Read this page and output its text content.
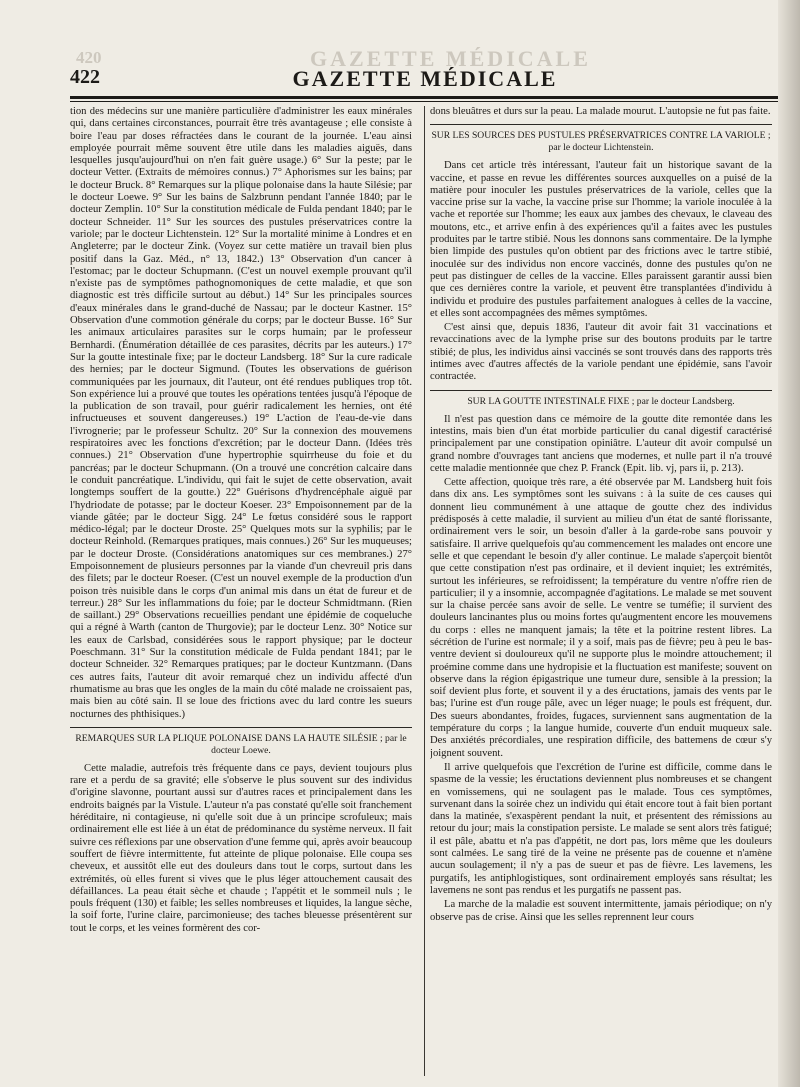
420	GAZETTE MÉDICALE
GAZETTE MÉDICALE
422

tion des médecins sur une manière particulière d'administrer les eaux minérales qui, dans certaines circonstances, pourrait être très avantageuse ; elle consiste à boire l'eau par doses réfractées dans le courant de la journée. L'eau ainsi employée pourrait même souvent être utile dans les maladies aiguës, dans lesquelles jusqu'aujourd'hui on n'en fait guère usage.) 6° Sur la peste; par le docteur Vetter. (Extraits de mémoires connus.) 7° Aphorismes sur les bains; par le docteur Bruck. 8° Remarques sur la plique polonaise dans la haute Silésie; par le docteur Loewe. 9° Sur les bains de Salzbrunn pendant l'année 1840; par le docteur Zemplin. 10° Sur la constitution médicale de Fulda pendant 1840; par le docteur Schneider. 11° Sur les sources des pustules préservatrices contre la variole; par le docteur Lichtenstein. 12° Sur la mortalité minime à Londres et en Angleterre; par le docteur Zink. (Voyez sur cette matière un travail bien plus positif dans la Gaz. Méd., n° 13, 1842.) 13° Observation d'un cancer à l'estomac; par le docteur Schupmann. (C'est un nouvel exemple prouvant qu'il n'existe pas de symptômes pathognomoniques de cette maladie, et que son diagnostic est très difficile surtout au début.) 14° Sur les principales sources d'eaux minérales dans le grand-duché de Nassau; par le docteur Kastner. 15° Observation d'une commotion générale du corps; par le docteur Busse. 16° Sur les animaux articulaires parasites sur le corps humain; par le professeur Bernhardi. (Énumération détaillée de ces parasites, décrits par les auteurs.) 17° Sur la goutte intestinale fixe; par le docteur Landsberg. 18° Sur la cure radicale des hernies; par le docteur Sigmund. (Toutes les observations de guérison communiquées par les journaux, dit l'auteur, ont été rendues publiques trop tôt. Son expérience lui a prouvé que toutes les opérations tentées jusqu'à l'époque de la publication de son travail, pour guérir radicalement les hernies, ont été infructueuses et souvent dangereuses.) 19° L'action de l'eau-de-vie dans l'ivrognerie; par le professeur Schultz. 20° Sur la connexion des mouvemens respiratoires avec les fonctions d'excrétion; par le docteur Dann. (Idées très connues.) 21° Observation d'une hypertrophie squirrheuse du foie et du pancréas; par le docteur Schupmann. (On a trouvé une concrétion calcaire dans le conduit pancréatique. L'individu, qui fait le sujet de cette observation, avait longtemps souffert de la goutte.) 22° Guérisons d'hydrencéphale aiguë par l'hydriodate de potasse; par le docteur Koeser. 23° Empoisonnement par de la viande gâtée; par le docteur Sigg. 24° Le fœtus considéré sous le rapport médico-légal; par le docteur Droste. 25° Quelques mots sur la syphilis; par le docteur Reinhold. (Remarques pratiques, mais connues.) 26° Sur les muqueuses; par le docteur Droste. (Considérations anatomiques sur ces membranes.) 27° Empoisonnement de plusieurs personnes par la viande d'un chevreuil pris dans des filets; par le docteur Roeser. (C'est un nouvel exemple de la production d'un poison très nuisible dans le corps d'un animal mis dans un état de fureur et de terreur.) 28° Sur les inflammations du foie; par le docteur Schmidtmann. (Rien de saillant.) 29° Observations recueillies pendant une épidémie de coqueluche qui a régné à Warth (canton de Thurgovie); par le docteur Lenz. 30° Notice sur les eaux de Carlsbad, considérées sous le rapport physique; par le docteur Poeschmann. 31° Sur la constitution médicale de Fulda pendant 1841; par le docteur Schneider. 32° Remarques pratiques; par le docteur Kuntzmann. (Dans ces autres faits, l'auteur dit avoir remarqué chez un individu affecté d'un rhumatisme au bras que les ongles de la main du côté malade ne croissaient pas, mais bien au côté sain. Il se loue des frictions avec du lard contre les sueurs nocturnes des phthisiques.)

REMARQUES SUR LA PLIQUE POLONAISE DANS LA HAUTE SILÉSIE ; par le docteur Loewe.

Cette maladie, autrefois très fréquente dans ce pays, devient toujours plus rare et a perdu de sa gravité; elle s'observe le plus souvent sur des individus d'origine slavonne, pourtant aussi sur d'autres races et principalement dans les endroits baignés par la Vistule. L'auteur n'a pas constaté qu'elle soit franchement héréditaire, ni contagieuse, ni qu'elle soit due à un principe scrofuleux; mais ordinairement elle est liée à un état de prédominance du système nerveux. Il fait suivre ces réflexions par une observation d'une femme qui, après avoir beaucoup souffert de fièvre intermittente, fut atteinte de plique polonaise. Elle coupa ses cheveux, et aussitôt elle eut des douleurs dans tout le corps, surtout dans les extrémités, où elles furent si vives que le plus léger attouchement causait des défaillances. La peau était sèche et chaude ; l'appétit et le sommeil nuls ; le pouls fréquent (130) et faible; les selles nombreuses et liquides, la langue sèche, la soif forte, l'urine claire, parcimonieuse; des taches bleuesse présentèrent sur tout le corps, et les veines formèrent des cor-

dons bleuâtres et durs sur la peau. La malade mourut. L'autopsie ne fut pas faite.

SUR LES SOURCES DES PUSTULES PRÉSERVATRICES CONTRE LA VARIOLE ; par le docteur Lichtenstein.

Dans cet article très intéressant, l'auteur fait un historique savant de la vaccine, et passe en revue les différentes sources auxquelles on a puisé de la matière pour inoculer les pustules préservatrices de la variole, celles que la vaccine prise sur la vache, la vaccine prise sur l'homme; la variole inoculée à la vache et reportée sur l'homme; les eaux aux jambes des chevaux, le claveau des moutons, etc., et arrive enfin à des expériences qu'il a faites avec les pustules produites par le tartre stibié. Nous les donnons sans commentaire. De la lymphe bien limpide des pustules qu'on obtient par des frictions avec le tartre stibié, inoculée sur des individus non encore vaccinés, donne des pustules qu'on ne peut pas distinguer de celles de la vaccine. Elles paraissent garantir aussi bien que ces dernières contre la variole, et peuvent être transplantées d'individu à individu et produire des pustules parfaitement analogues à celles de la vaccine, et elles sont accompagnées des mêmes symptômes.

C'est ainsi que, depuis 1836, l'auteur dit avoir fait 31 vaccinations et revaccinations avec de la lymphe prise sur des boutons produits par le tartre stibié; de plus, les individus ainsi vaccinés se sont trouvés dans des rapports très intimes avec d'autres affectés de la variole pendant une épidémie, sans l'avoir contractée.

SUR LA GOUTTE INTESTINALE FIXE ; par le docteur Landsberg.

Il n'est pas question dans ce mémoire de la goutte dite remontée dans les intestins, mais bien d'un état morbide particulier du canal digestif caractérisé principalement par une constipation opiniâtre. L'auteur dit avoir compulsé un grand nombre d'ouvrages tant anciens que modernes, et nulle part il n'a trouvé cette maladie mentionnée que chez P. Franck (Epit. lib. vj, pars ii, p. 213).

Cette affection, quoique très rare, a été observée par M. Landsberg huit fois dans dix ans. Les symptômes sont les suivans : à la suite de ces causes qui donnent lieu communément à une attaque de goutte chez des individus prédisposés à cette maladie, il survient au milieu d'un état de santé florissante, ordinairement vers le soir, un besoin d'aller à la garde-robe sans pouvoir y satisfaire. Il arrive quelquefois qu'au commencement les malades ont encore une selle et que cependant le besoin d'y aller continue. Le malade s'aperçoit bientôt que cette constipation n'est pas ordinaire, et il devient inquiet; les extrémités, surtout les inférieures, se refroidissent; la température du ventre n'offre rien de particulier; il y a insomnie, accompagnée d'agitations. Le malade se met souvent sur la chaise percée sans avoir de selle. Le ventre se tuméfie; il survient des douleurs lancinantes plus ou moins fortes qu'augmentent encore les mouvemens du corps : elles ne manquent jamais; la tête et la poitrine restent libres. La sécrétion de l'urine est normale; il y a soif, mais pas de fièvre; peu à peu le bas-ventre devient si douloureux qu'il ne supporte plus le moindre attouchement; il proémine comme dans une hydropisie et la fluctuation est manifeste; souvent on observe dans la région épigastrique une tumeur dure, sensible à la pression; la soif devient plus forte, et souvent il y a des éructations, jamais des vents par le bas; l'urine est d'un rouge pâle, avec un léger nuage; le pouls est fréquent, dur. Des sueurs abondantes, froides, fugaces, surviennent sans augmentation de la température du corps ; la langue humide, couverte d'un enduit muqueux sale. Des anxiétés précordiales, une respiration difficile, des battemens de cœur s'y joignent souvent.

Il arrive quelquefois que l'excrétion de l'urine est difficile, comme dans le spasme de la vessie; les éructations deviennent plus nombreuses et se changent en vomissemens, qui ne soulagent pas le malade. Tous ces symptômes, survenant dans la soirée chez un individu qui était encore tout à fait bien portant dans la matinée, s'exaspèrent pendant la nuit, et présentent des rémissions au retour du jour; mais la constipation persiste. Le malade se sent alors très fatigué; il est pâle, abattu et n'a pas d'appétit, ne dort pas, lors même que les douleurs sont calmées. Le sang tiré de la veine ne présente pas de couenne et n'amène aucun soulagement; il n'y a pas de sueur et pas de fièvre. Les lavemens, les purgatifs, les antiphlogistiques, sont ordinairement employés sans résultat; les lavemens ne sont pas rendus et les purgatifs ne passent pas.

La marche de la maladie est souvent intermittente, jamais périodique; on n'y observe pas de crise. Ainsi que les selles reprennent leur cours
